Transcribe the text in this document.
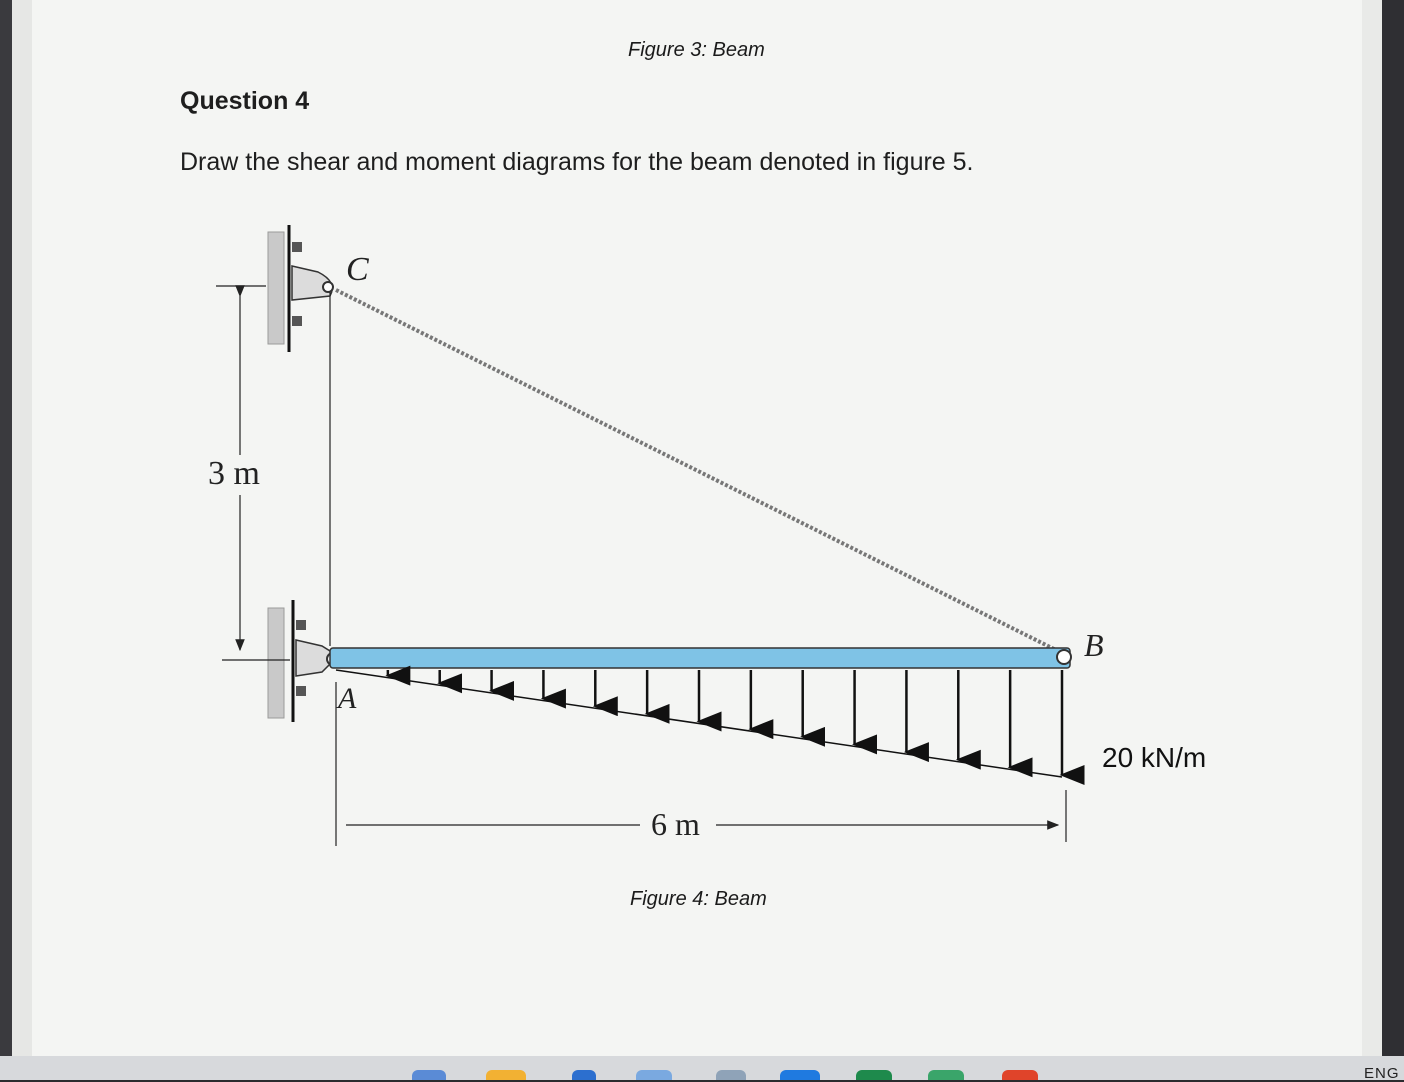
Figure 3: Beam
Question 4
Draw the shear and moment diagrams for the beam denoted in figure 5.
C
A
B
3 m
6 m
20 kN/m
Figure 4: Beam
ENG
